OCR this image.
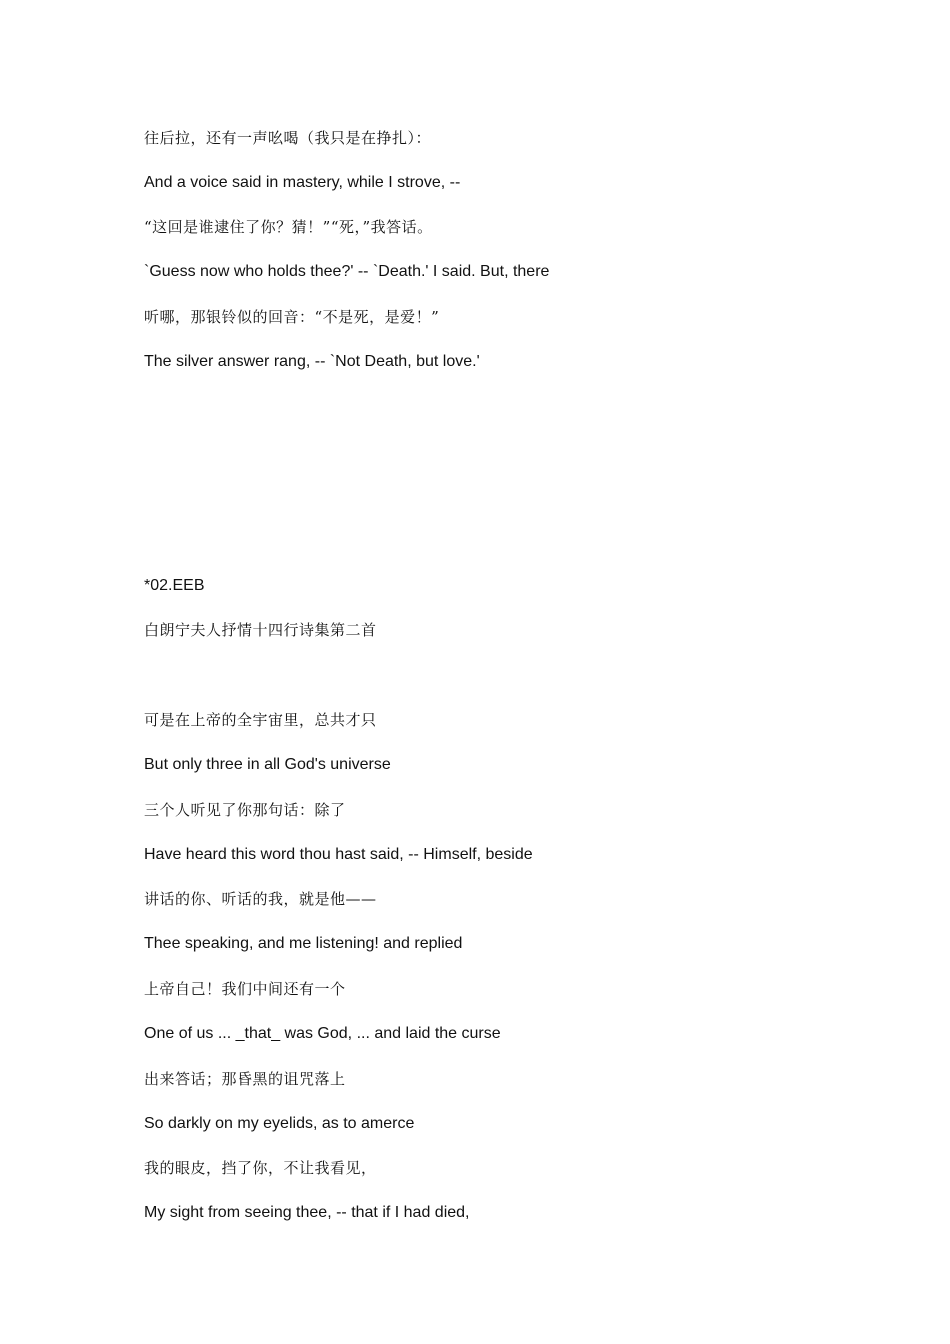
往后拉，还有一声吆喝（我只是在挣扎）：
And a voice said in mastery, while I strove, --
“这回是谁逮住了你？猜！”“死，”我答话。
`Guess now who holds thee?' -- `Death.' I said. But, there
听哪，那银铃似的回音：“不是死，是爱！”
The silver answer rang, -- `Not Death, but love.'
*02.EEB
白朗宁夫人抒情十四行诗集第二首
可是在上帝的全宇宙里，总共才只
But only three in all God's universe
三个人听见了你那句话：除了
Have heard this word thou hast said, -- Himself, beside
讲话的你、听话的我，就是他——
Thee speaking, and me listening! and replied
上帝自己！我们中间还有一个
One of us ... _that_ was God, ... and laid the curse
出来答话；那昏黑的诅咒落上
So darkly on my eyelids, as to amerce
我的眼皮，挡了你，不让我看见，
My sight from seeing thee, -- that if I had died,
